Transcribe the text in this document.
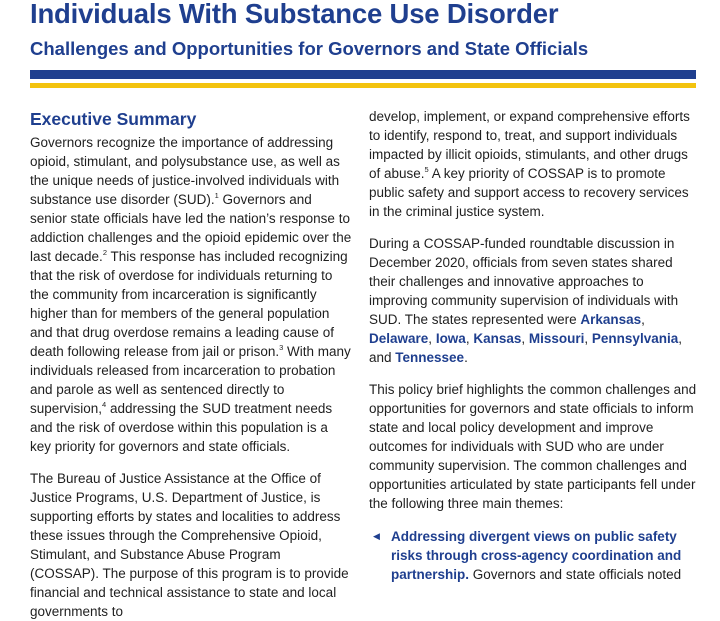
Individuals With Substance Use Disorder
Challenges and Opportunities for Governors and State Officials
Executive Summary

Governors recognize the importance of addressing opioid, stimulant, and polysubstance use, as well as the unique needs of justice-involved individuals with substance use disorder (SUD).$^1$ Governors and senior state officials have led the nation’s response to addiction challenges and the opioid epidemic over the last decade.$^2$ This response has included recognizing that the risk of overdose for individuals returning to the community from incarceration is significantly higher than for members of the general population and that drug overdose remains a leading cause of death following release from jail or prison.$^3$ With many individuals released from incarceration to probation and parole as well as sentenced directly to supervision,$^4$ addressing the SUD treatment needs and the risk of overdose within this population is a key priority for governors and state officials.

The Bureau of Justice Assistance at the Office of Justice Programs, U.S. Department of Justice, is supporting efforts by states and localities to address these issues through the Comprehensive Opioid, Stimulant, and Substance Abuse Program (COSSAP). The purpose of this program is to provide financial and technical assistance to state and local governments to

develop, implement, or expand comprehensive efforts to identify, respond to, treat, and support individuals impacted by illicit opioids, stimulants, and other drugs of abuse.$^5$ A key priority of COSSAP is to promote public safety and support access to recovery services in the criminal justice system.

During a COSSAP-funded roundtable discussion in December 2020, officials from seven states shared their challenges and innovative approaches to improving community supervision of individuals with SUD. The states represented were Arkansas, Delaware, Iowa, Kansas, Missouri, Pennsylvania, and Tennessee.

This policy brief highlights the common challenges and opportunities for governors and state officials to inform state and local policy development and improve outcomes for individuals with SUD who are under community supervision. The common challenges and opportunities articulated by state participants fell under the following three main themes:

◀ Addressing divergent views on public safety risks through cross-agency coordination and partnership. Governors and state officials noted
